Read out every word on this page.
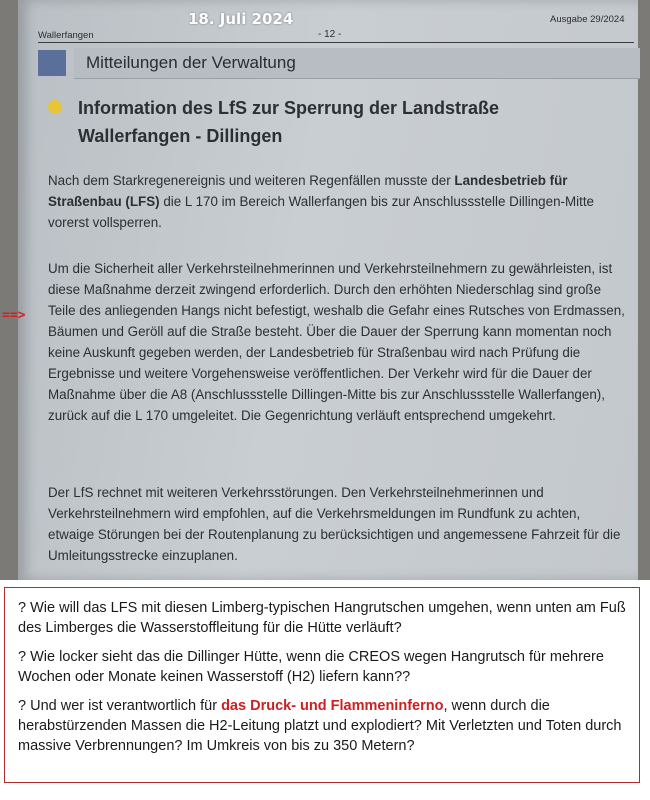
18. Juli 2024
Wallerfangen	- 12 -
Ausgabe 29/2024
Mitteilungen der Verwaltung
Information des LfS zur Sperrung der Landstraße
Wallerfangen - Dillingen
Nach dem Starkregenereignis und weiteren Regenfällen musste der Landesbetrieb für Straßenbau (LFS) die L 170 im Bereich Wallerfangen bis zur Anschlussstelle Dillingen-Mitte vorerst vollsperren.
Um die Sicherheit aller Verkehrsteilnehmerinnen und Verkehrsteilnehmern zu gewährleisten, ist diese Maßnahme derzeit zwingend erforderlich. Durch den erhöhten Niederschlag sind große Teile des anliegenden Hangs nicht befestigt, weshalb die Gefahr eines Rutsches von Erdmassen, Bäumen und Geröll auf die Straße besteht. Über die Dauer der Sperrung kann momentan noch keine Auskunft gegeben werden, der Landesbetrieb für Straßenbau wird nach Prüfung die Ergebnisse und weitere Vorgehensweise veröffentlichen. Der Verkehr wird für die Dauer der Maßnahme über die A8 (Anschlussstelle Dillingen-Mitte bis zur Anschlussstelle Wallerfangen), zurück auf die L 170 umgeleitet. Die Gegenrichtung verläuft entsprechend umgekehrt.
Der LfS rechnet mit weiteren Verkehrsstörungen. Den Verkehrsteilnehmerinnen und Verkehrsteilnehmern wird empfohlen, auf die Verkehrsmeldungen im Rundfunk zu achten, etwaige Störungen bei der Routenplanung zu berücksichtigen und angemessene Fahrzeit für die Umleitungsstrecke einzuplanen.
==>

? Wie will das LFS mit diesen Limberg-typischen Hangrutschen umgehen, wenn unten am Fuß des Limberges die Wasserstoffleitung für die Hütte verläuft?

? Wie locker sieht das die Dillinger Hütte, wenn die CREOS wegen Hangrutsch für mehrere Wochen oder Monate keinen Wasserstoff (H2) liefern kann??

? Und wer ist verantwortlich für das Druck- und Flammeninferno, wenn durch die herabstürzenden Massen die H2-Leitung platzt und explodiert? Mit Verletzten und Toten durch massive Verbrennungen? Im Umkreis von bis zu 350 Metern?
